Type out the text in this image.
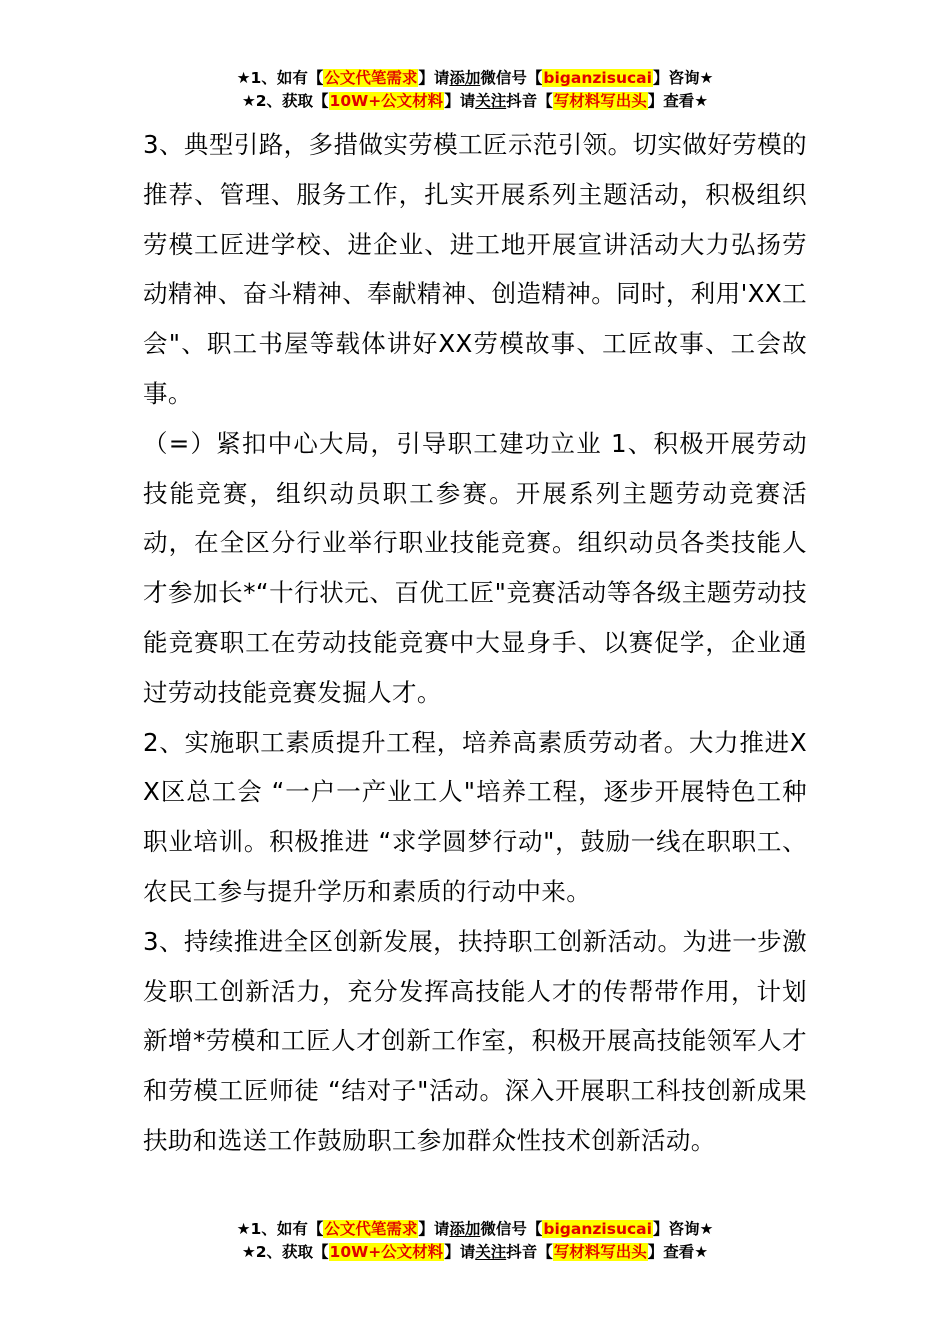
★1、如有【公文代笔需求】请添加微信号【biganzisucai】咨询★
★2、获取【10W+公文材料】请关注抖音【写材料写出头】查看★

3、典型引路，多措做实劳模工匠示范引领。切实做好劳模的推荐、管理、服务工作，扎实开展系列主题活动，积极组织劳模工匠进学校、进企业、进工地开展宣讲活动大力弘扬劳动精神、奋斗精神、奉献精神、创造精神。同时，利用'XX工会"、职工书屋等载体讲好XX劳模故事、工匠故事、工会故事。

（=）紧扣中心大局，引导职工建功立业 1、积极开展劳动技能竞赛，组织动员职工参赛。开展系列主题劳动竞赛活动，在全区分行业举行职业技能竞赛。组织动员各类技能人才参加长*“十行状元、百优工匠"竞赛活动等各级主题劳动技能竞赛职工在劳动技能竞赛中大显身手、以赛促学，企业通过劳动技能竞赛发掘人才。

2、实施职工素质提升工程，培养高素质劳动者。大力推进XX区总工会 “一户一产业工人"培养工程，逐步开展特色工种职业培训。积极推进 “求学圆梦行动"，鼓励一线在职职工、农民工参与提升学历和素质的行动中来。

3、持续推进全区创新发展，扶持职工创新活动。为进一步激发职工创新活力，充分发挥高技能人才的传帮带作用，计划新增*劳模和工匠人才创新工作室，积极开展高技能领军人才和劳模工匠师徒 “结对子"活动。深入开展职工科技创新成果扶助和选送工作鼓励职工参加群众性技术创新活动。

★1、如有【公文代笔需求】请添加微信号【biganzisucai】咨询★
★2、获取【10W+公文材料】请关注抖音【写材料写出头】查看★
